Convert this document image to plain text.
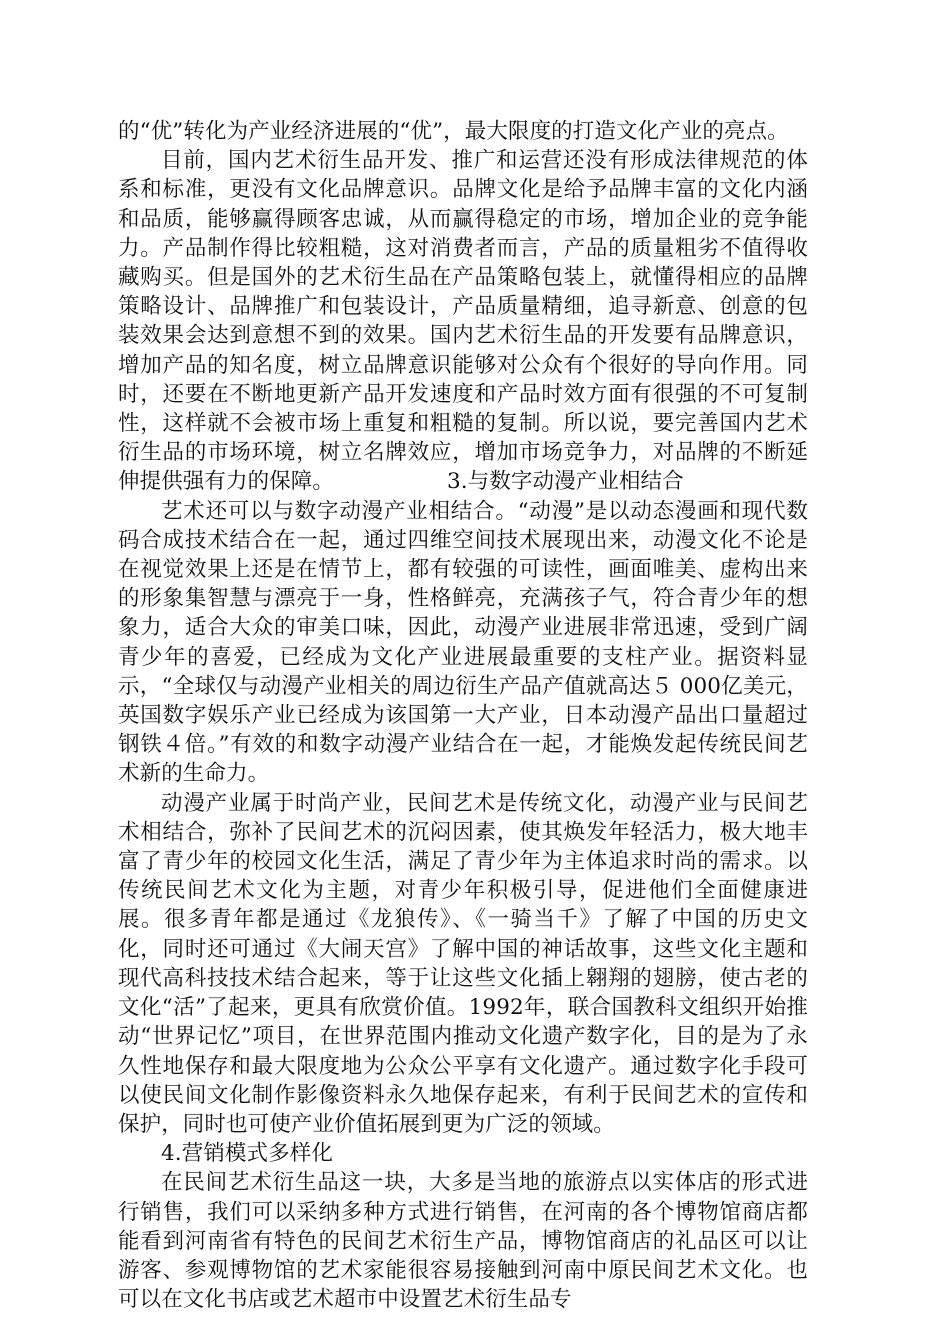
的“优”转化为产业经济进展的“优”，最大限度的打造文化产业的亮点。

目前，国内艺术衍生品开发、推广和运营还没有形成法律规范的体系和标准，更没有文化品牌意识。品牌文化是给予品牌丰富的文化内涵和品质，能够赢得顾客忠诚，从而赢得稳定的市场，增加企业的竞争能力。产品制作得比较粗糙，这对消费者而言，产品的质量粗劣不值得收藏购买。但是国外的艺术衍生品在产品策略包装上，就懂得相应的品牌策略设计、品牌推广和包装设计，产品质量精细，追寻新意、创意的包装效果会达到意想不到的效果。国内艺术衍生品的开发要有品牌意识，增加产品的知名度，树立品牌意识能够对公众有个很好的导向作用。同时，还要在不断地更新产品开发速度和产品时效方面有很强的不可复制性，这样就不会被市场上重复和粗糙的复制。所以说，要完善国内艺术衍生品的市场环境，树立名牌效应，增加市场竞争力，对品牌的不断延伸提供强有力的保障。	3.与数字动漫产业相结合

艺术还可以与数字动漫产业相结合。“动漫”是以动态漫画和现代数码合成技术结合在一起，通过四维空间技术展现出来，动漫文化不论是在视觉效果上还是在情节上，都有较强的可读性，画面唯美、虚构出来的形象集智慧与漂亮于一身，性格鲜亮，充满孩子气，符合青少年的想象力，适合大众的审美口味，因此，动漫产业进展非常迅速，受到广阔青少年的喜爱，已经成为文化产业进展最重要的支柱产业。据资料显示，“全球仅与动漫产业相关的周边衍生产品产值就高达５ 000亿美元，英国数字娱乐产业已经成为该国第一大产业，日本动漫产品出口量超过钢铁４倍。”有效的和数字动漫产业结合在一起，才能焕发起传统民间艺术新的生命力。

动漫产业属于时尚产业，民间艺术是传统文化，动漫产业与民间艺术相结合，弥补了民间艺术的沉闷因素，使其焕发年轻活力，极大地丰富了青少年的校园文化生活，满足了青少年为主体追求时尚的需求。以传统民间艺术文化为主题，对青少年积极引导，促进他们全面健康进展。很多青年都是通过《龙狼传》、《一骑当千》了解了中国的历史文化，同时还可通过《大闹天宫》了解中国的神话故事，这些文化主题和现代高科技技术结合起来，等于让这些文化插上翱翔的翅膀，使古老的文化“活”了起来，更具有欣赏价值。1992年，联合国教科文组织开始推动“世界记忆”项目，在世界范围内推动文化遗产数字化，目的是为了永久性地保存和最大限度地为公众公平享有文化遗产。通过数字化手段可以使民间文化制作影像资料永久地保存起来，有利于民间艺术的宣传和保护，同时也可使产业价值拓展到更为广泛的领域。

4.营销模式多样化

在民间艺术衍生品这一块，大多是当地的旅游点以实体店的形式进行销售，我们可以采纳多种方式进行销售，在河南的各个博物馆商店都能看到河南省有特色的民间艺术衍生产品，博物馆商店的礼品区可以让游客、参观博物馆的艺术家能很容易接触到河南中原民间艺术文化。也可以在文化书店或艺术超市中设置艺术衍生品专
